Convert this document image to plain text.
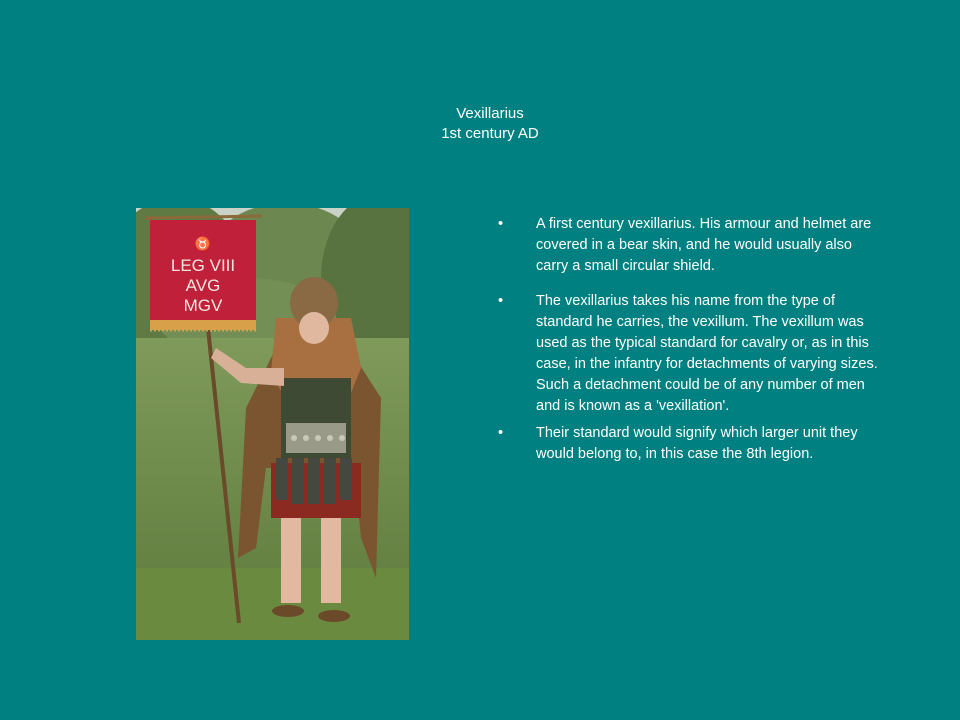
Vexillarius
1st century AD
♉
LEG VIII
AVG
MGV
•	A first century vexillarius. His armour and helmet are covered in a bear skin, and he would usually also carry a small circular shield.
•	The vexillarius takes his name from the type of standard he carries, the vexillum. The vexillum was used as the typical standard for cavalry or, as in this case, in the infantry for detachments of varying sizes. Such a detachment could be of any number of men and is known as a 'vexillation'.
•	Their standard would signify which larger unit they would belong to, in this case the 8th legion.
